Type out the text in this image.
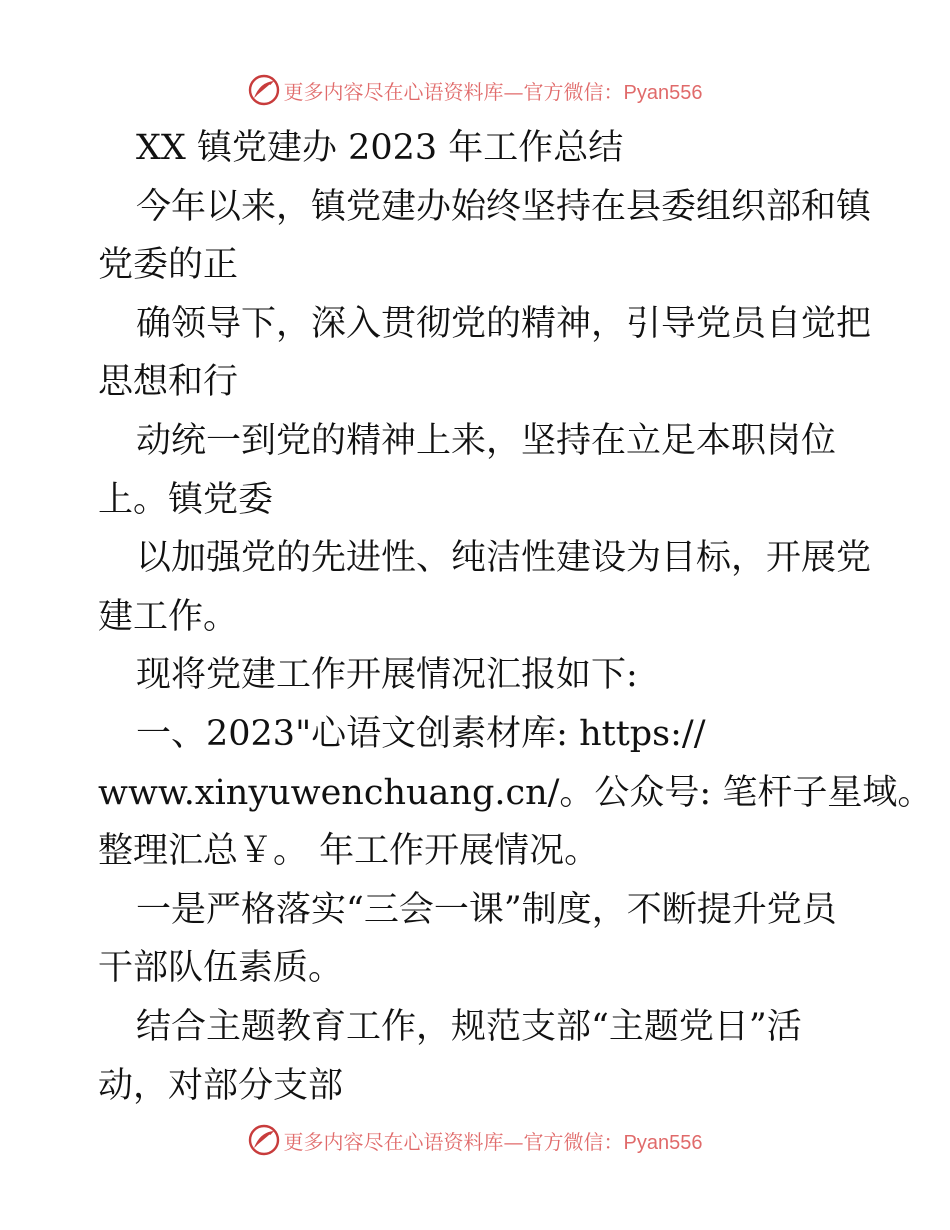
更多内容尽在心语资料库—官方微信：Pyan556

XX 镇党建办 2023 年工作总结

今年以来，镇党建办始终坚持在县委组织部和镇

党委的正

确领导下，深入贯彻党的精神，引导党员自觉把

思想和行

动统一到党的精神上来，坚持在立足本职岗位

上。镇党委

以加强党的先进性、纯洁性建设为目标，开展党

建工作。

现将党建工作开展情况汇报如下:

一、2023"心语文创素材库: https://

www.xinyuwenchuang.cn/。公众号: 笔杆子星域。

整理汇总￥。 年工作开展情况。

一是严格落实“三会一课”制度，不断提升党员

干部队伍素质。

结合主题教育工作，规范支部“主题党日”活

动，对部分支部

更多内容尽在心语资料库—官方微信：Pyan556
